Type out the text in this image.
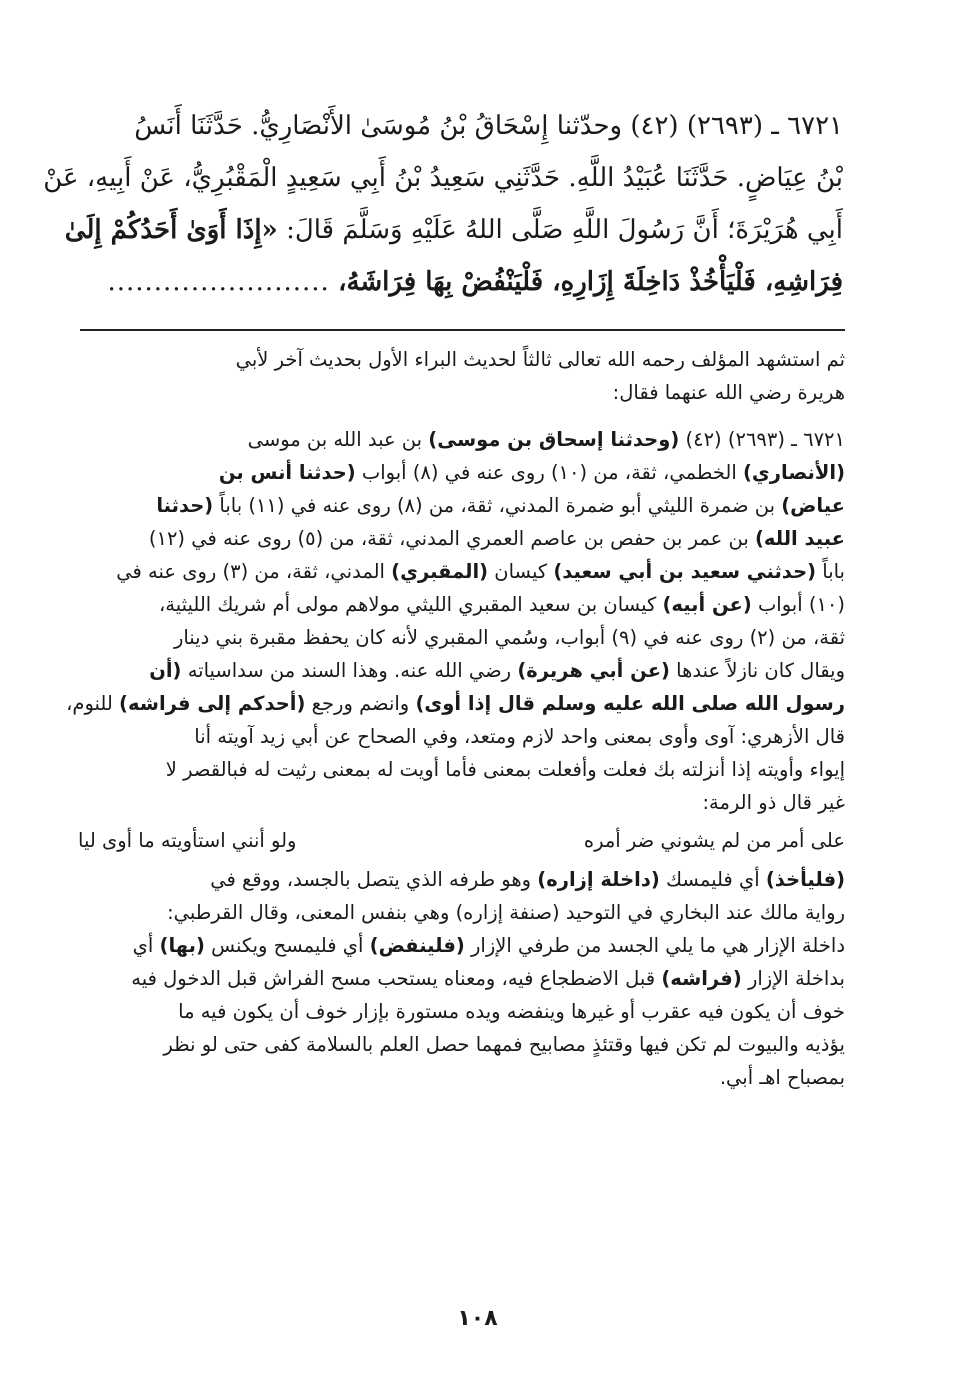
٦٧٢١ ـ (٢٦٩٣) (٤٢) وحدّثنا إِسْحَاقُ بْنُ مُوسَىٰ الأَنْصَارِيُّ. حَدَّثَنَا أَنَسُ
بْنُ عِيَاضٍ. حَدَّثَنَا عُبَيْدُ اللَّهِ. حَدَّثَنِي سَعِيدُ بْنُ أَبِي سَعِيدٍ الْمَقْبُرِيُّ، عَنْ أَبِيهِ، عَنْ
أَبِي هُرَيْرَةَ؛ أَنَّ رَسُولَ اللَّهِ صَلَّى اللهُ عَلَيْهِ وَسَلَّمَ قَالَ: «إِذَا أَوَىٰ أَحَدُكُمْ إِلَىٰ
فِرَاشِهِ، فَلْيَأْخُذْ دَاخِلَةَ إِزَارِهِ، فَلْيَنْفُضْ بِهَا فِرَاشَهُ، ........................
ثم استشهد المؤلف رحمه الله تعالى ثالثاً لحديث البراء الأول بحديث آخر لأبي
هريرة رضي الله عنهما فقال:
٦٧٢١ ـ (٢٦٩٣) (٤٢) (وحدثنا إسحاق بن موسى) بن عبد الله بن موسى
(الأنصاري) الخطمي، ثقة، من (١٠) روى عنه في (٨) أبواب (حدثنا أنس بن
عياض) بن ضمرة الليثي أبو ضمرة المدني، ثقة، من (٨) روى عنه في (١١) باباً (حدثنا
عبيد الله) بن عمر بن حفص بن عاصم العمري المدني، ثقة، من (٥) روى عنه في (١٢)
باباً (حدثني سعيد بن أبي سعيد) كيسان (المقبري) المدني، ثقة، من (٣) روى عنه في
(١٠) أبواب (عن أبيه) كيسان بن سعيد المقبري الليثي مولاهم مولى أم شريك الليثية،
ثقة، من (٢) روى عنه في (٩) أبواب، وسُمي المقبري لأنه كان يحفظ مقبرة بني دينار
ويقال كان نازلاً عندها (عن أبي هريرة) رضي الله عنه. وهذا السند من سداسياته (أن
رسول الله صلى الله عليه وسلم قال إذا أوى) وانضم ورجع (أحدكم إلى فراشه) للنوم،
قال الأزهري: آوى وأوى بمعنى واحد لازم ومتعد، وفي الصحاح عن أبي زيد آويته أنا
إيواء وأويته إذا أنزلته بك فعلت وأفعلت بمعنى فأما أويت له بمعنى رثيت له فبالقصر لا
غير قال ذو الرمة:
على أمر من لم يشوني ضر أمره
ولو أنني استأويته ما أوى ليا
(فليأخذ) أي فليمسك (داخلة إزاره) وهو طرفه الذي يتصل بالجسد، ووقع في
رواية مالك عند البخاري في التوحيد (صنفة إزاره) وهي بنفس المعنى، وقال القرطبي:
داخلة الإزار هي ما يلي الجسد من طرفي الإزار (فلينفض) أي فليمسح ويكنس (بها) أي
بداخلة الإزار (فراشه) قبل الاضطجاع فيه، ومعناه يستحب مسح الفراش قبل الدخول فيه
خوف أن يكون فيه عقرب أو غيرها وينفضه ويده مستورة بإزار خوف أن يكون فيه ما
يؤذيه والبيوت لم تكن فيها وقتئذٍ مصابيح فمهما حصل العلم بالسلامة كفى حتى لو نظر
بمصباح اهـ أبي.
١٠٨
